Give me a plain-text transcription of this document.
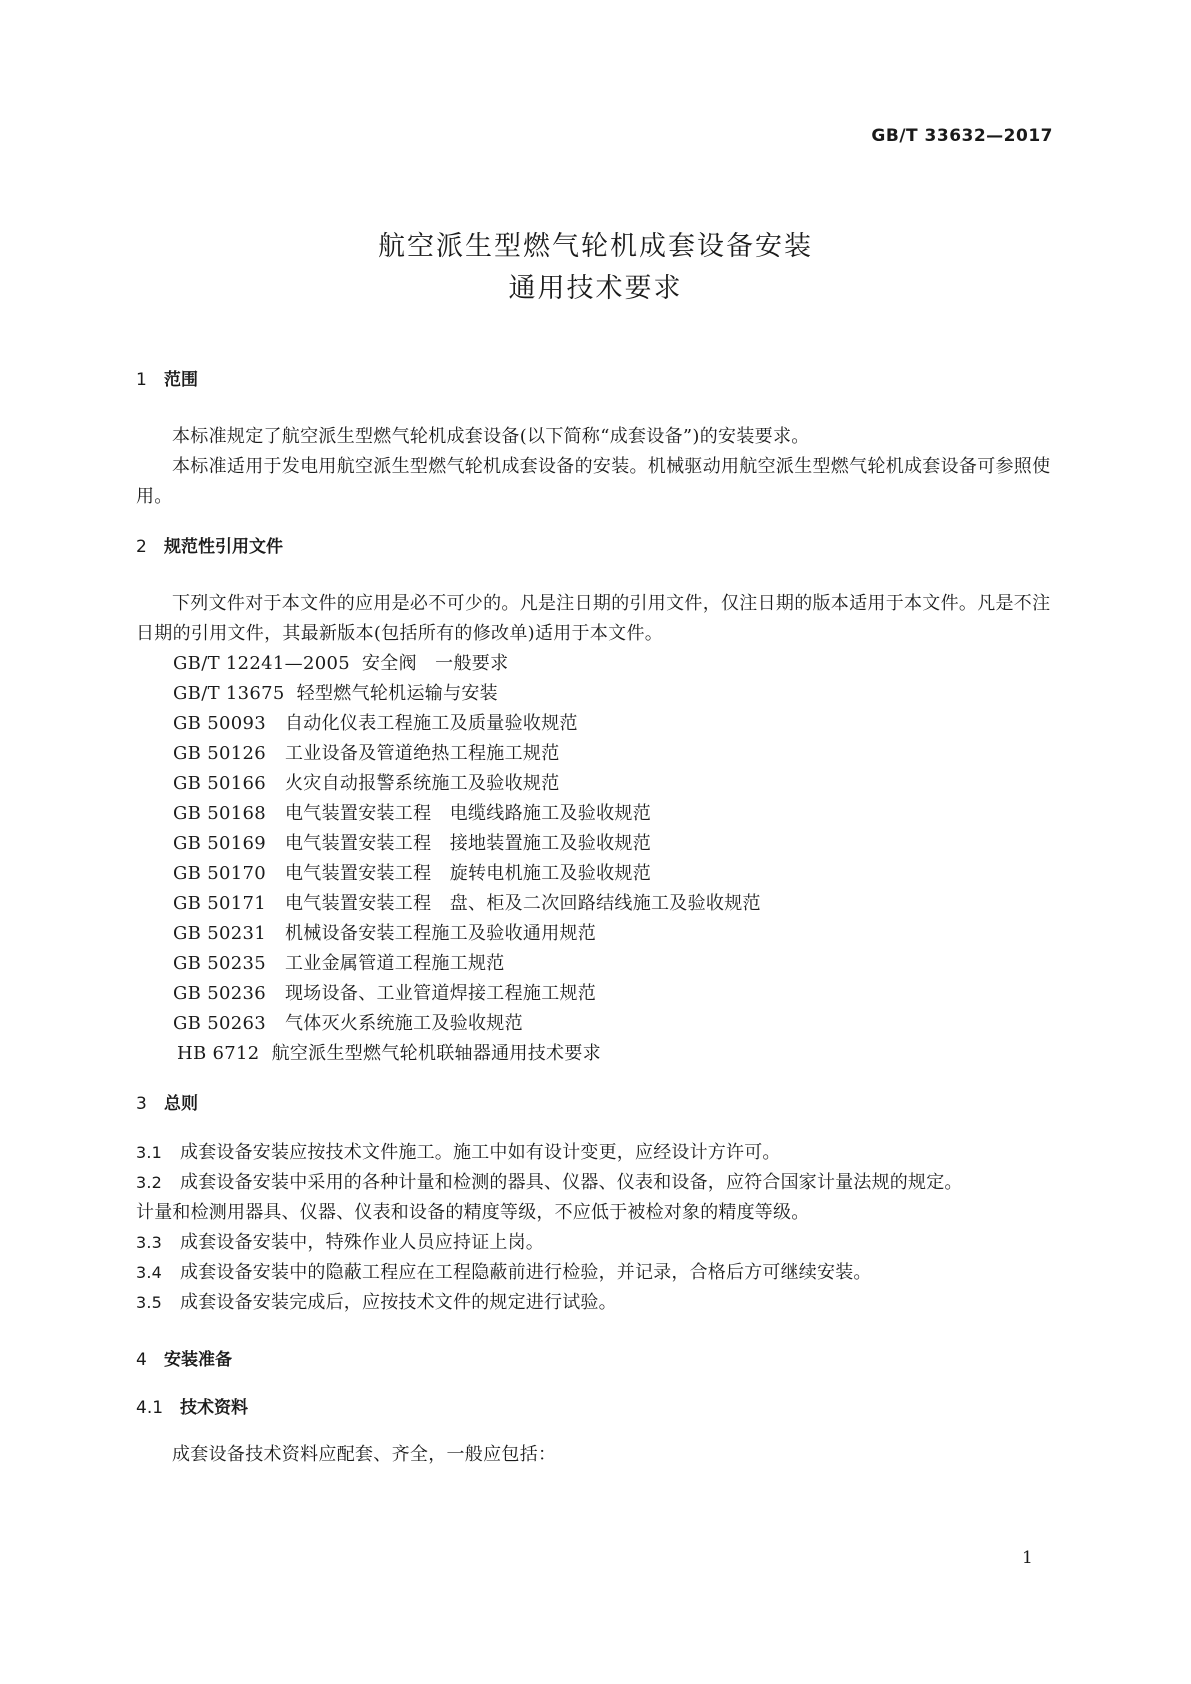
GB/T 33632—2017
航空派生型燃气轮机成套设备安装
通用技术要求
1 范围

本标准规定了航空派生型燃气轮机成套设备(以下简称“成套设备”)的安装要求。

本标准适用于发电用航空派生型燃气轮机成套设备的安装。机械驱动用航空派生型燃气轮机成套设备可参照使用。

2 规范性引用文件

下列文件对于本文件的应用是必不可少的。凡是注日期的引用文件，仅注日期的版本适用于本文件。凡是不注日期的引用文件，其最新版本(包括所有的修改单)适用于本文件。

GB/T 12241—2005 安全阀　一般要求
GB/T 13675 轻型燃气轮机运输与安装
GB 50093 自动化仪表工程施工及质量验收规范
GB 50126 工业设备及管道绝热工程施工规范
GB 50166 火灾自动报警系统施工及验收规范
GB 50168 电气装置安装工程　电缆线路施工及验收规范
GB 50169 电气装置安装工程　接地装置施工及验收规范
GB 50170 电气装置安装工程　旋转电机施工及验收规范
GB 50171 电气装置安装工程　盘、柜及二次回路结线施工及验收规范
GB 50231 机械设备安装工程施工及验收通用规范
GB 50235 工业金属管道工程施工规范
GB 50236 现场设备、工业管道焊接工程施工规范
GB 50263 气体灭火系统施工及验收规范
HB 6712 航空派生型燃气轮机联轴器通用技术要求
3 总则

3.1 成套设备安装应按技术文件施工。施工中如有设计变更，应经设计方许可。

3.2 成套设备安装中采用的各种计量和检测的器具、仪器、仪表和设备，应符合国家计量法规的规定。

计量和检测用器具、仪器、仪表和设备的精度等级，不应低于被检对象的精度等级。

3.3 成套设备安装中，特殊作业人员应持证上岗。

3.4 成套设备安装中的隐蔽工程应在工程隐蔽前进行检验，并记录，合格后方可继续安装。

3.5 成套设备安装完成后，应按技术文件的规定进行试验。

4 安装准备
4.1 技术资料

成套设备技术资料应配套、齐全，一般应包括：

1
